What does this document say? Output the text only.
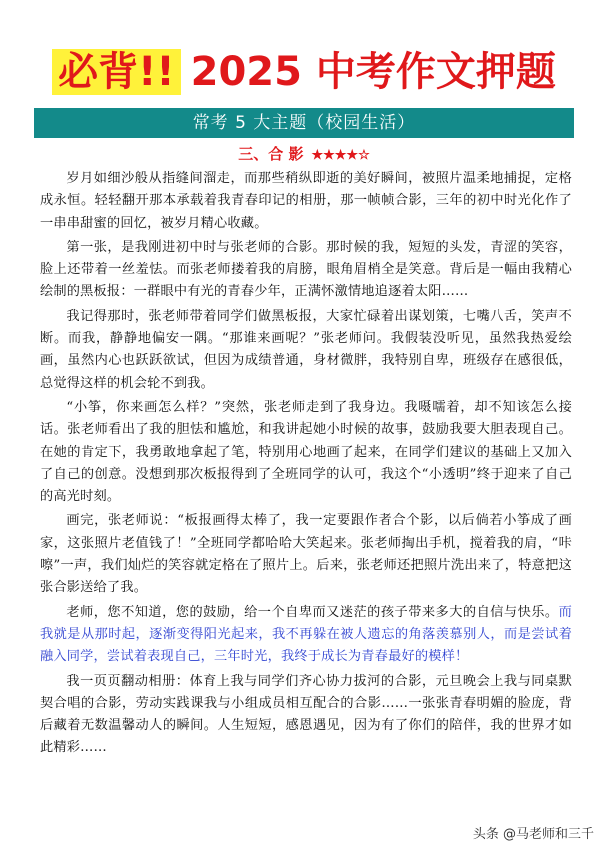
必背!! 2025 中考作文押题
常考 5 大主题（校园生活）
三、合 影 ★★★★☆

岁月如细沙般从指缝间溜走，而那些稍纵即逝的美好瞬间，被照片温柔地捕捉，定格成永恒。轻轻翻开那本承载着我青春印记的相册，那一帧帧合影，三年的初中时光化作了一串串甜蜜的回忆，被岁月精心收藏。

第一张，是我刚进初中时与张老师的合影。那时候的我，短短的头发，青涩的笑容，脸上还带着一丝羞怯。而张老师搂着我的肩膀，眼角眉梢全是笑意。背后是一幅由我精心绘制的黑板报：一群眼中有光的青春少年，正满怀激情地追逐着太阳……

我记得那时，张老师带着同学们做黑板报，大家忙碌着出谋划策，七嘴八舌，笑声不断。而我，静静地偏安一隅。“那谁来画呢？”张老师问。我假装没听见，虽然我热爱绘画，虽然内心也跃跃欲试，但因为成绩普通，身材微胖，我特别自卑，班级存在感很低，总觉得这样的机会轮不到我。

“小筝，你来画怎么样？”突然，张老师走到了我身边。我嗫嚅着，却不知该怎么接话。张老师看出了我的胆怯和尴尬，和我讲起她小时候的故事，鼓励我要大胆表现自己。在她的肯定下，我勇敢地拿起了笔，特别用心地画了起来，在同学们建议的基础上又加入了自己的创意。没想到那次板报得到了全班同学的认可，我这个“小透明”终于迎来了自己的高光时刻。

画完，张老师说：“板报画得太棒了，我一定要跟作者合个影，以后倘若小筝成了画家，这张照片老值钱了！”全班同学都哈哈大笑起来。张老师掏出手机，搅着我的肩，“咔嚓”一声，我们灿烂的笑容就定格在了照片上。后来，张老师还把照片洗出来了，特意把这张合影送给了我。

老师，您不知道，您的鼓励，给一个自卑而又迷茫的孩子带来多大的自信与快乐。而我就是从那时起，逐渐变得阳光起来，我不再躲在被人遗忘的角落羡慕别人，而是尝试着融入同学，尝试着表现自己，三年时光，我终于成长为青春最好的模样！

我一页页翻动相册：体育上我与同学们齐心协力拔河的合影，元旦晚会上我与同桌默契合唱的合影，劳动实践课我与小组成员相互配合的合影……一张张青春明媚的脸庞，背后藏着无数温馨动人的瞬间。人生短短，感恩遇见，因为有了你们的陪伴，我的世界才如此精彩……

头条 @马老师和三千
